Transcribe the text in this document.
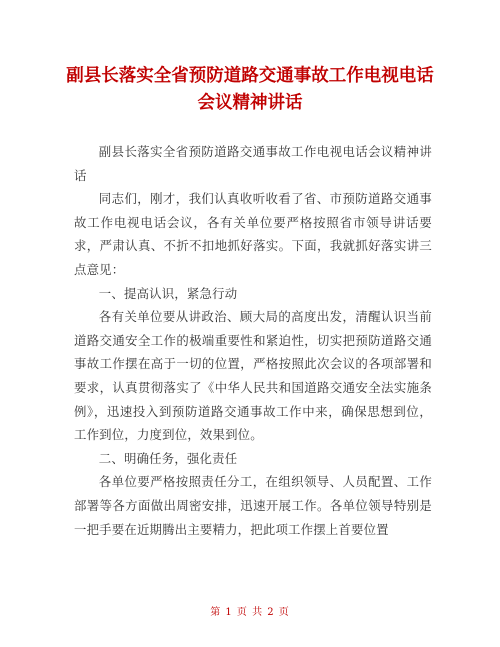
副县长落实全省预防道路交通事故工作电视电话会议精神讲话

副县长落实全省预防道路交通事故工作电视电话会议精神讲话

同志们，刚才，我们认真收听收看了省、市预防道路交通事故工作电视电话会议，各有关单位要严格按照省市领导讲话要求，严肃认真、不折不扣地抓好落实。下面，我就抓好落实讲三点意见：

一、提高认识，紧急行动

各有关单位要从讲政治、顾大局的高度出发，清醒认识当前道路交通安全工作的极端重要性和紧迫性，切实把预防道路交通事故工作摆在高于一切的位置，严格按照此次会议的各项部署和要求，认真贯彻落实了《中华人民共和国道路交通安全法实施条例》，迅速投入到预防道路交通事故工作中来，确保思想到位，工作到位，力度到位，效果到位。

二、明确任务，强化责任

各单位要严格按照责任分工，在组织领导、人员配置、工作部署等各方面做出周密安排，迅速开展工作。各单位领导特别是一把手要在近期腾出主要精力，把此项工作摆上首要位置

第 1 页 共 2 页
